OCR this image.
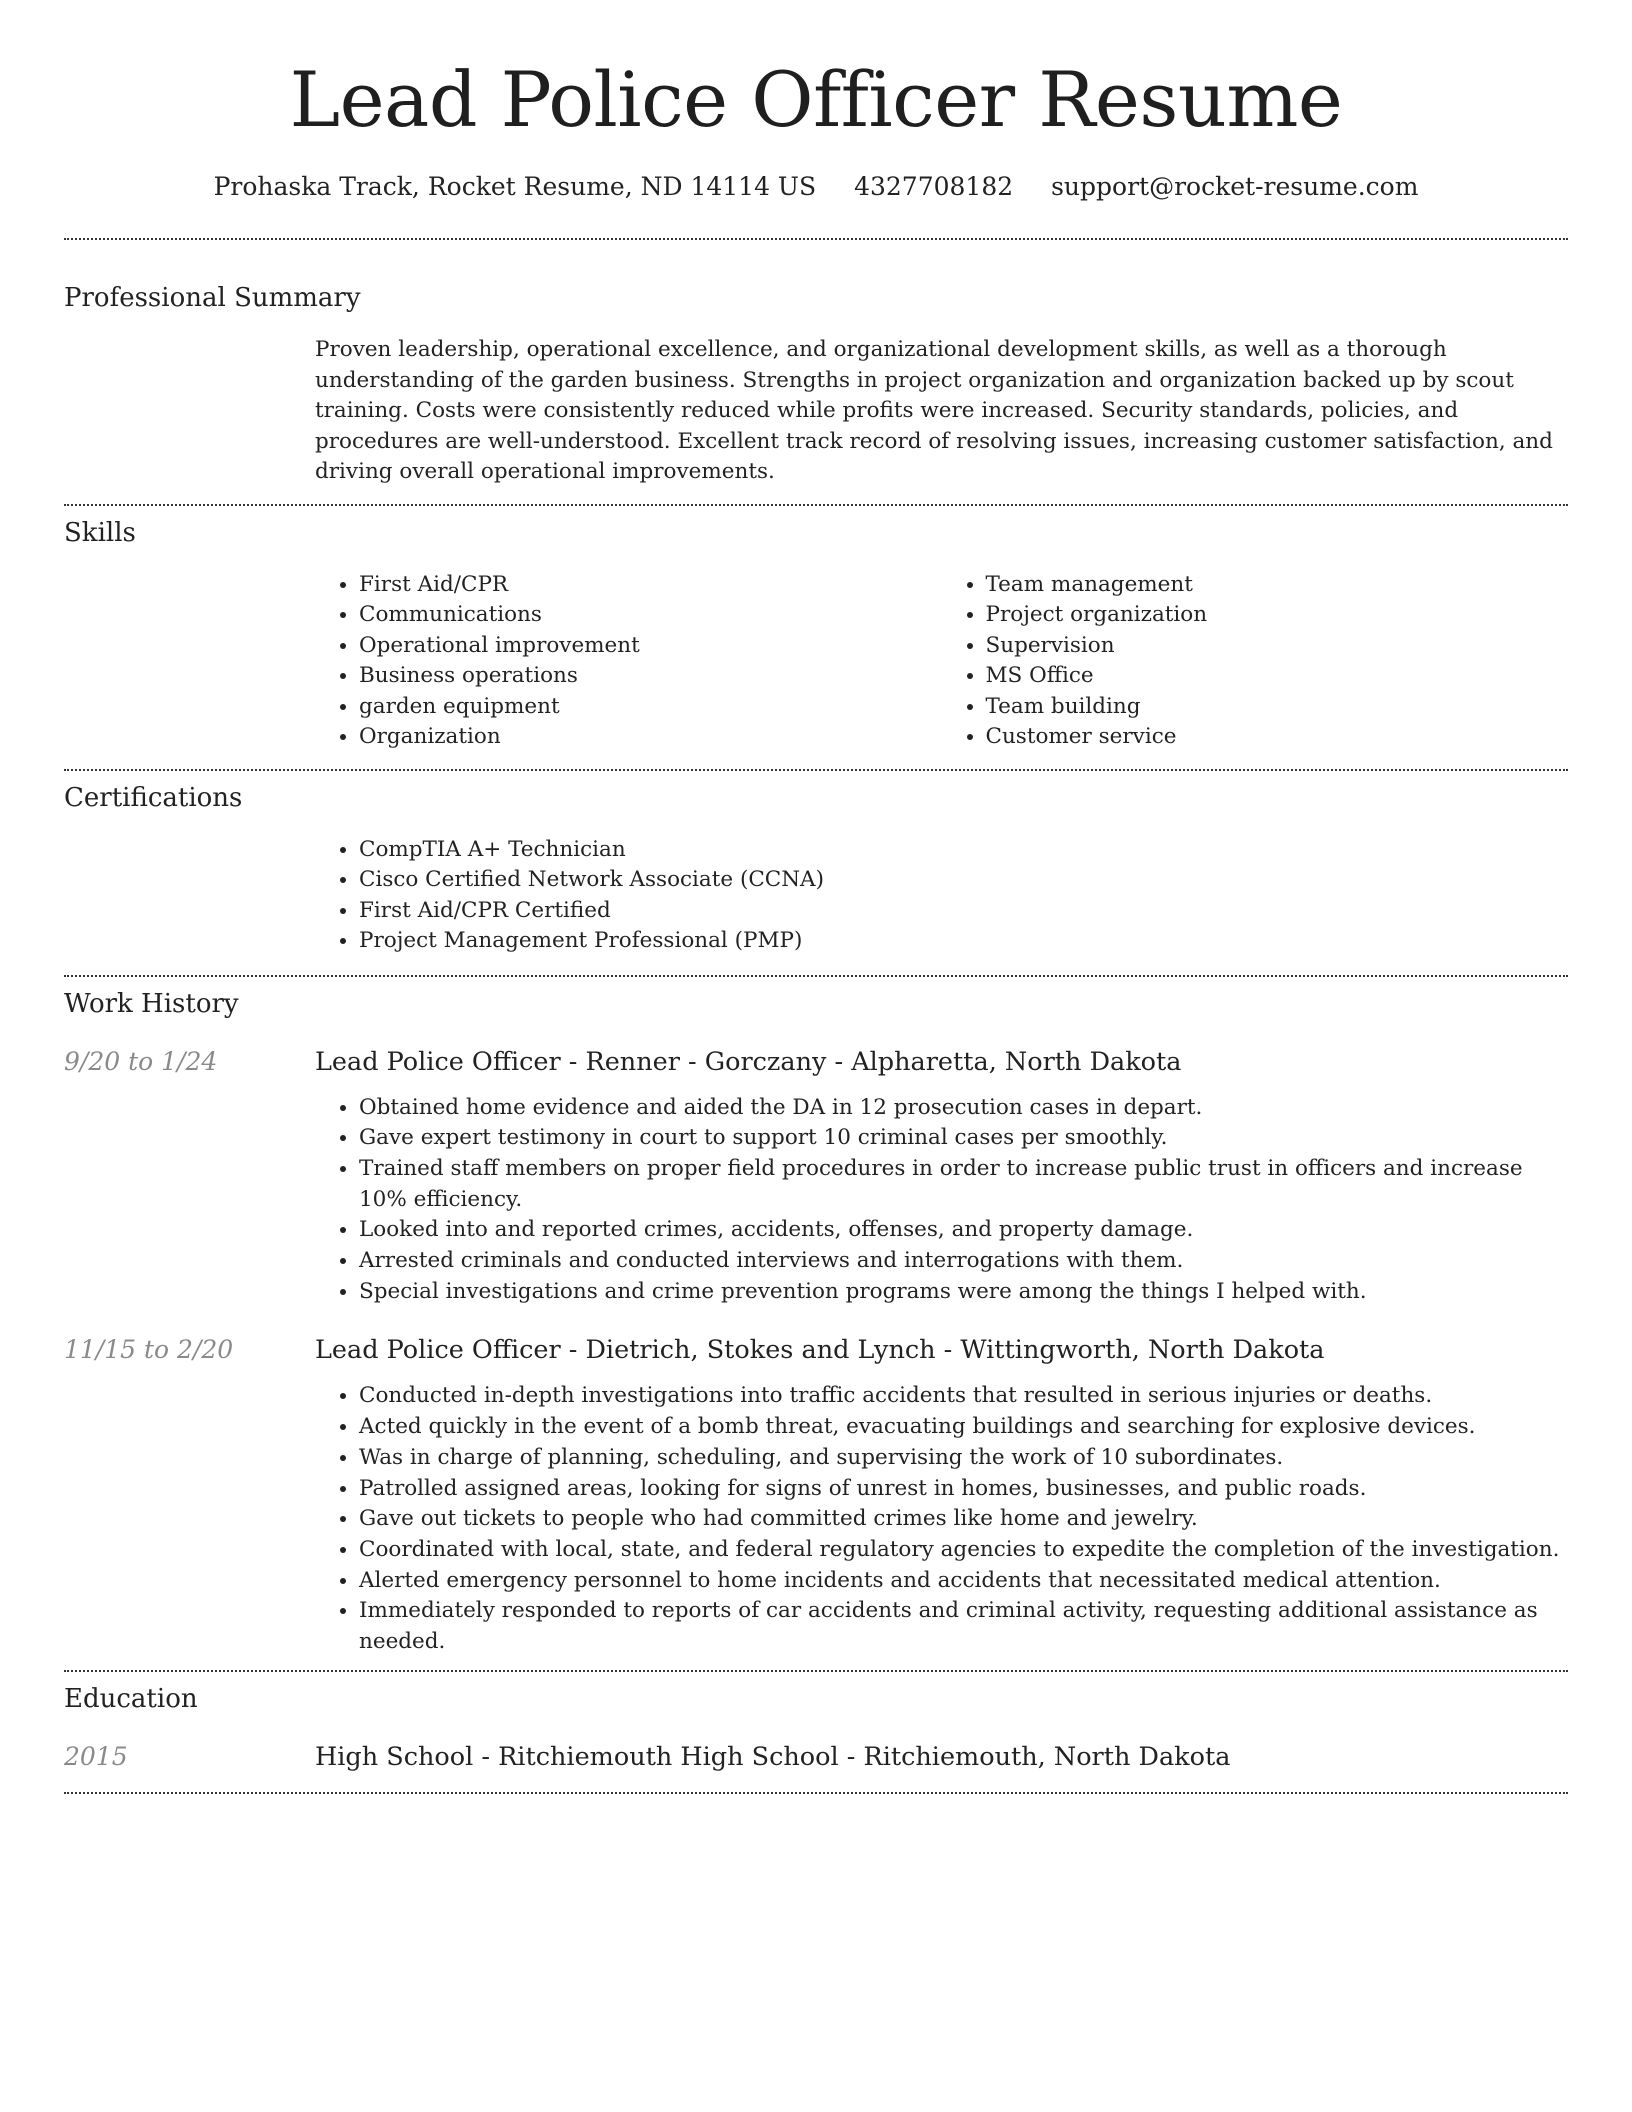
Lead Police Officer Resume
Prohaska Track, Rocket Resume, ND 14114 US 4327708182 support@rocket-resume.com
Professional Summary
Proven leadership, operational excellence, and organizational development skills, as well as a thorough understanding of the garden business. Strengths in project organization and organization backed up by scout training. Costs were consistently reduced while profits were increased. Security standards, policies, and procedures are well-understood. Excellent track record of resolving issues, increasing customer satisfaction, and driving overall operational improvements.
Skills
• First Aid/CPR
• Communications
• Operational improvement
• Business operations
• garden equipment
• Organization
• Team management
• Project organization
• Supervision
• MS Office
• Team building
• Customer service
Certifications
• CompTIA A+ Technician
• Cisco Certified Network Associate (CCNA)
• First Aid/CPR Certified
• Project Management Professional (PMP)
Work History
9/20 to 1/24	Lead Police Officer - Renner - Gorczany - Alpharetta, North Dakota
• Obtained home evidence and aided the DA in 12 prosecution cases in depart.
• Gave expert testimony in court to support 10 criminal cases per smoothly.
• Trained staff members on proper field procedures in order to increase public trust in officers and increase 10% efficiency.
• Looked into and reported crimes, accidents, offenses, and property damage.
• Arrested criminals and conducted interviews and interrogations with them.
• Special investigations and crime prevention programs were among the things I helped with.
11/15 to 2/20	Lead Police Officer - Dietrich, Stokes and Lynch - Wittingworth, North Dakota
• Conducted in-depth investigations into traffic accidents that resulted in serious injuries or deaths.
• Acted quickly in the event of a bomb threat, evacuating buildings and searching for explosive devices.
• Was in charge of planning, scheduling, and supervising the work of 10 subordinates.
• Patrolled assigned areas, looking for signs of unrest in homes, businesses, and public roads.
• Gave out tickets to people who had committed crimes like home and jewelry.
• Coordinated with local, state, and federal regulatory agencies to expedite the completion of the investigation.
• Alerted emergency personnel to home incidents and accidents that necessitated medical attention.
• Immediately responded to reports of car accidents and criminal activity, requesting additional assistance as needed.
Education
2015	High School - Ritchiemouth High School - Ritchiemouth, North Dakota
